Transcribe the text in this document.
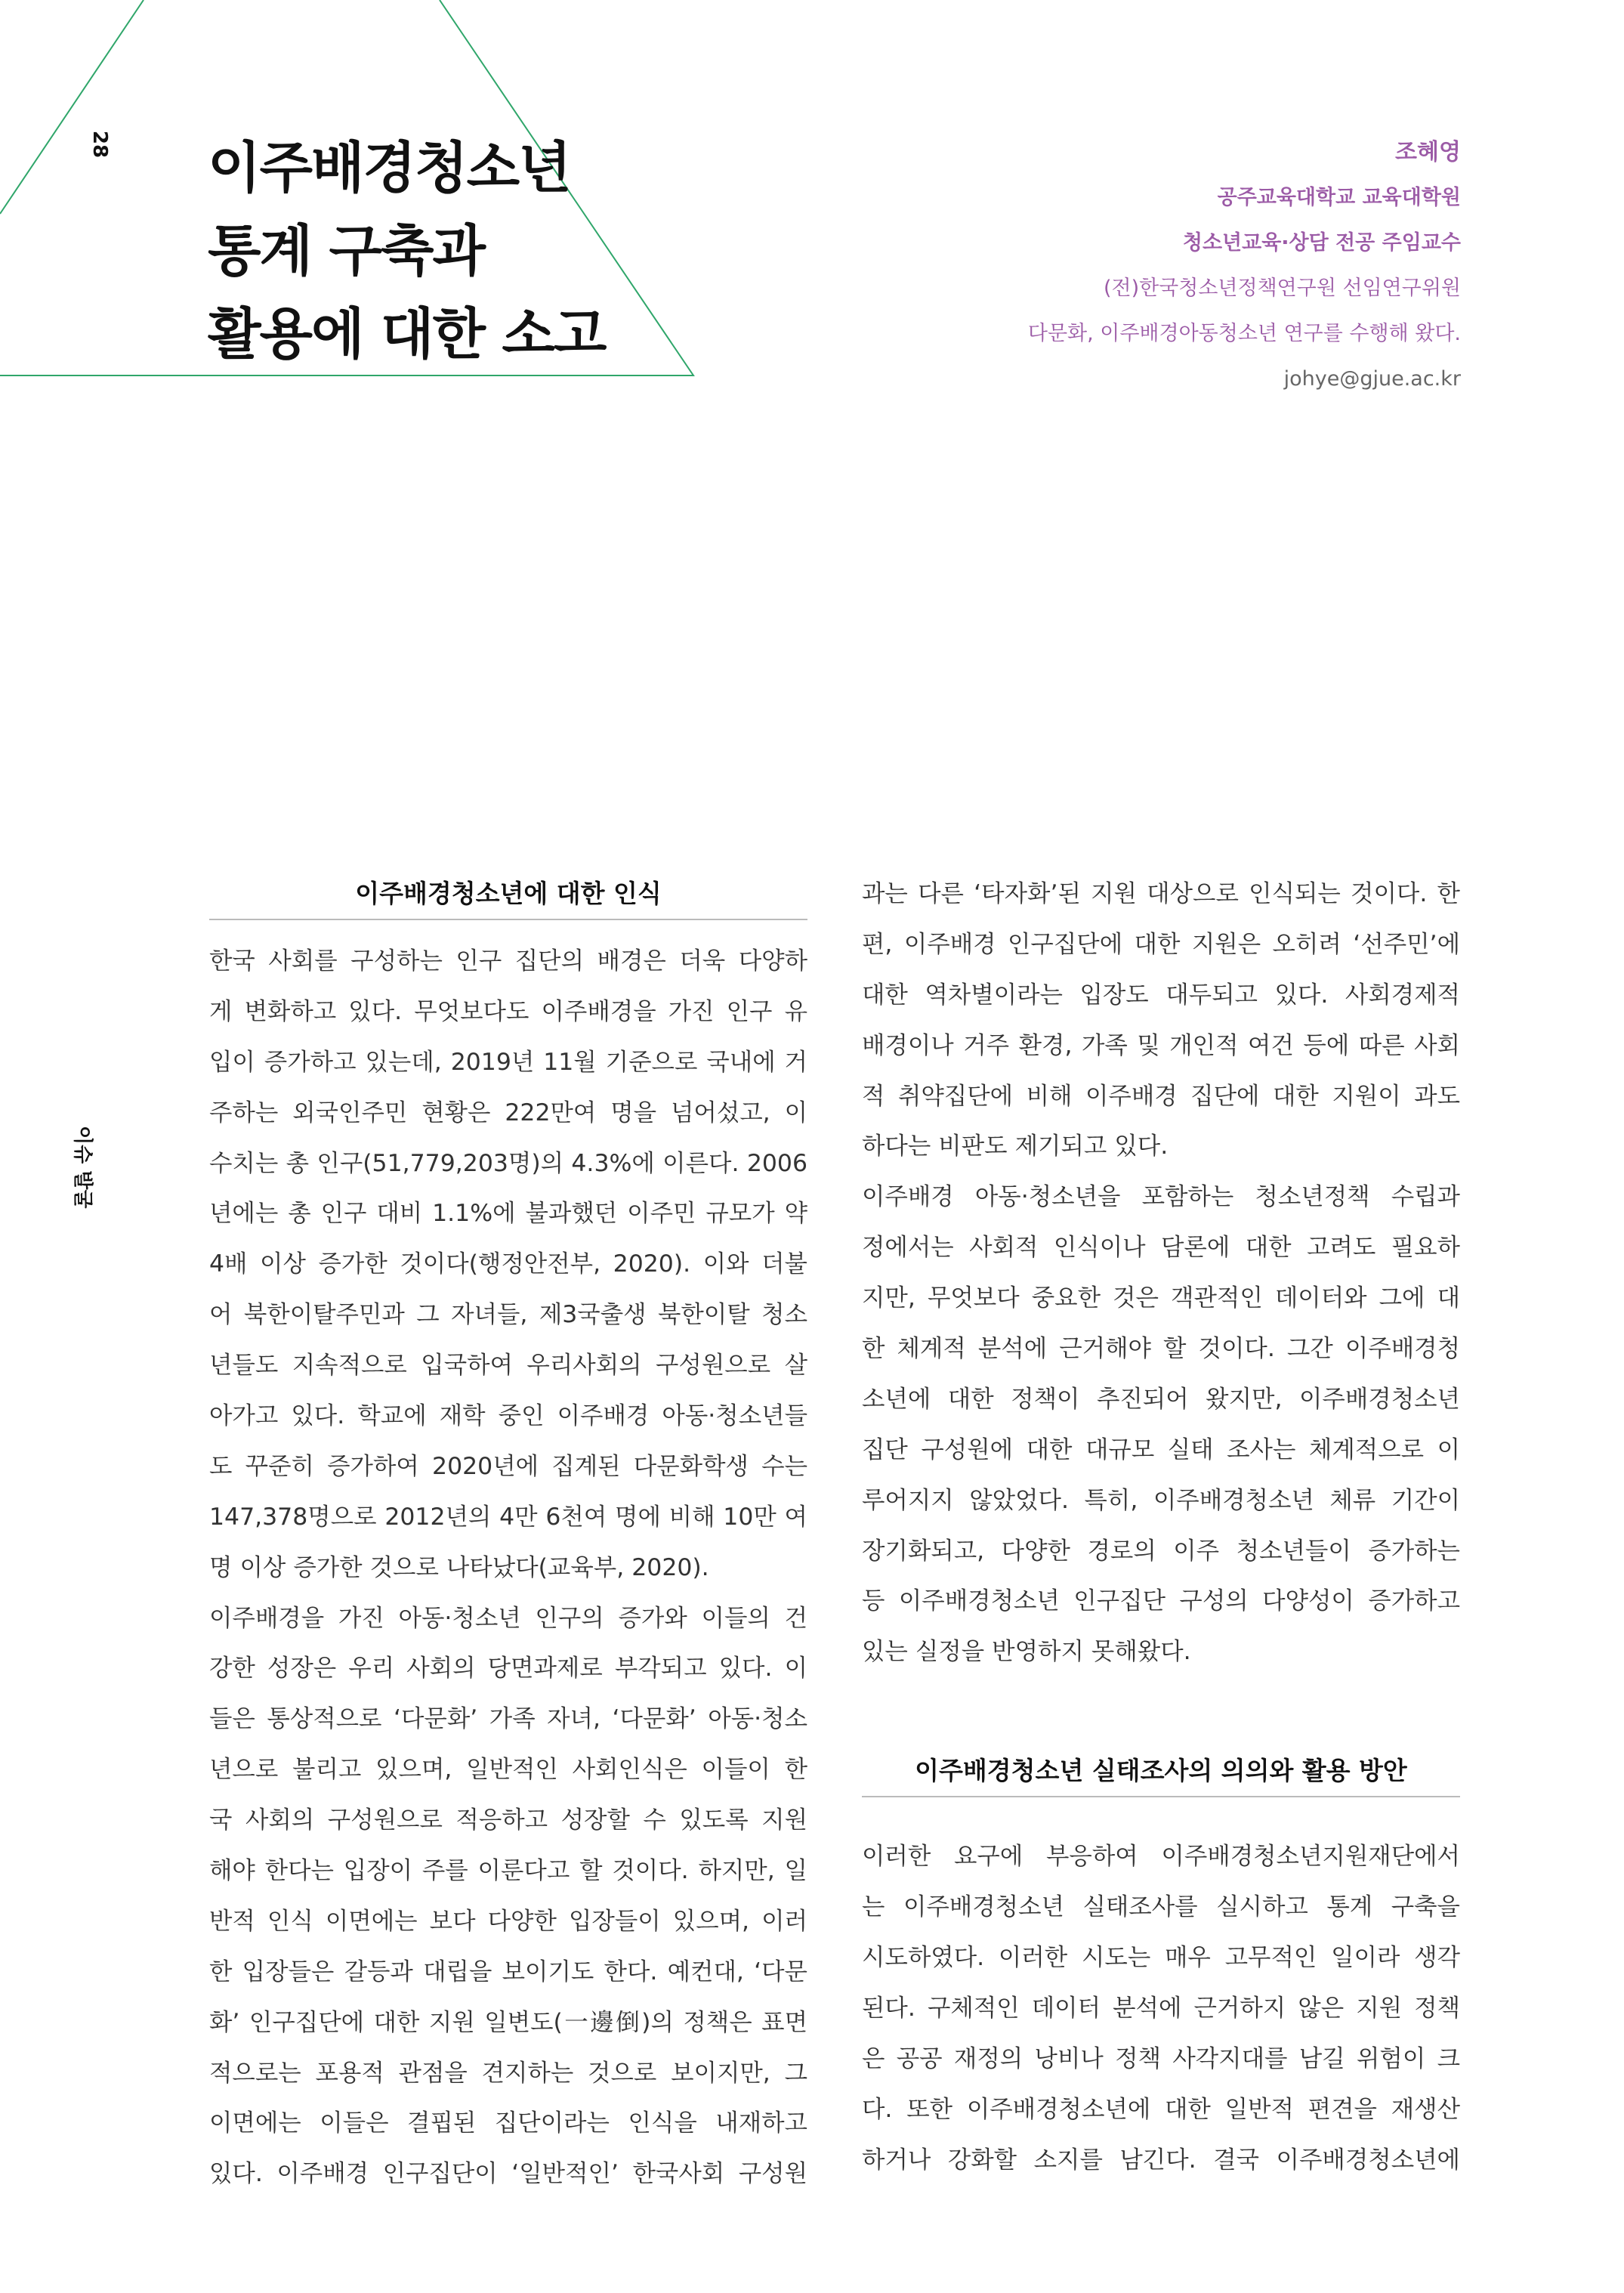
28
이슈 발굴
이주배경청소년
통계 구축과
활용에 대한 소고
조혜영
공주교육대학교 교육대학원
청소년교육·상담 전공 주임교수
(전)한국청소년정책연구원 선임연구위원
다문화, 이주배경아동청소년 연구를 수행해 왔다.
johye@gjue.ac.kr
이주배경청소년에 대한 인식
한국 사회를 구성하는 인구 집단의 배경은 더욱 다양하
게 변화하고 있다. 무엇보다도 이주배경을 가진 인구 유
입이 증가하고 있는데, 2019년 11월 기준으로 국내에 거
주하는 외국인주민 현황은 222만여 명을 넘어섰고, 이
수치는 총 인구(51,779,203명)의 4.3%에 이른다. 2006
년에는 총 인구 대비 1.1%에 불과했던 이주민 규모가 약
4배 이상 증가한 것이다(행정안전부, 2020). 이와 더불
어 북한이탈주민과 그 자녀들, 제3국출생 북한이탈 청소
년들도 지속적으로 입국하여 우리사회의 구성원으로 살
아가고 있다. 학교에 재학 중인 이주배경 아동·청소년들
도 꾸준히 증가하여 2020년에 집계된 다문화학생 수는
147,378명으로 2012년의 4만 6천여 명에 비해 10만 여
명 이상 증가한 것으로 나타났다(교육부, 2020).
이주배경을 가진 아동·청소년 인구의 증가와 이들의 건
강한 성장은 우리 사회의 당면과제로 부각되고 있다. 이
들은 통상적으로 ‘다문화’ 가족 자녀, ‘다문화’ 아동·청소
년으로 불리고 있으며, 일반적인 사회인식은 이들이 한
국 사회의 구성원으로 적응하고 성장할 수 있도록 지원
해야 한다는 입장이 주를 이룬다고 할 것이다. 하지만, 일
반적 인식 이면에는 보다 다양한 입장들이 있으며, 이러
한 입장들은 갈등과 대립을 보이기도 한다. 예컨대, ‘다문
화’ 인구집단에 대한 지원 일변도(一邊倒)의 정책은 표면
적으로는 포용적 관점을 견지하는 것으로 보이지만, 그
이면에는 이들은 결핍된 집단이라는 인식을 내재하고
있다. 이주배경 인구집단이 ‘일반적인’ 한국사회 구성원
과는 다른 ‘타자화’된 지원 대상으로 인식되는 것이다. 한
편, 이주배경 인구집단에 대한 지원은 오히려 ‘선주민’에
대한 역차별이라는 입장도 대두되고 있다. 사회경제적
배경이나 거주 환경, 가족 및 개인적 여건 등에 따른 사회
적 취약집단에 비해 이주배경 집단에 대한 지원이 과도
하다는 비판도 제기되고 있다.
이주배경 아동·청소년을 포함하는 청소년정책 수립과
정에서는 사회적 인식이나 담론에 대한 고려도 필요하
지만, 무엇보다 중요한 것은 객관적인 데이터와 그에 대
한 체계적 분석에 근거해야 할 것이다. 그간 이주배경청
소년에 대한 정책이 추진되어 왔지만, 이주배경청소년
집단 구성원에 대한 대규모 실태 조사는 체계적으로 이
루어지지 않았었다. 특히, 이주배경청소년 체류 기간이
장기화되고, 다양한 경로의 이주 청소년들이 증가하는
등 이주배경청소년 인구집단 구성의 다양성이 증가하고
있는 실정을 반영하지 못해왔다.
이주배경청소년 실태조사의 의의와 활용 방안
이러한 요구에 부응하여 이주배경청소년지원재단에서
는 이주배경청소년 실태조사를 실시하고 통계 구축을
시도하였다. 이러한 시도는 매우 고무적인 일이라 생각
된다. 구체적인 데이터 분석에 근거하지 않은 지원 정책
은 공공 재정의 낭비나 정책 사각지대를 남길 위험이 크
다. 또한 이주배경청소년에 대한 일반적 편견을 재생산
하거나 강화할 소지를 남긴다. 결국 이주배경청소년에
